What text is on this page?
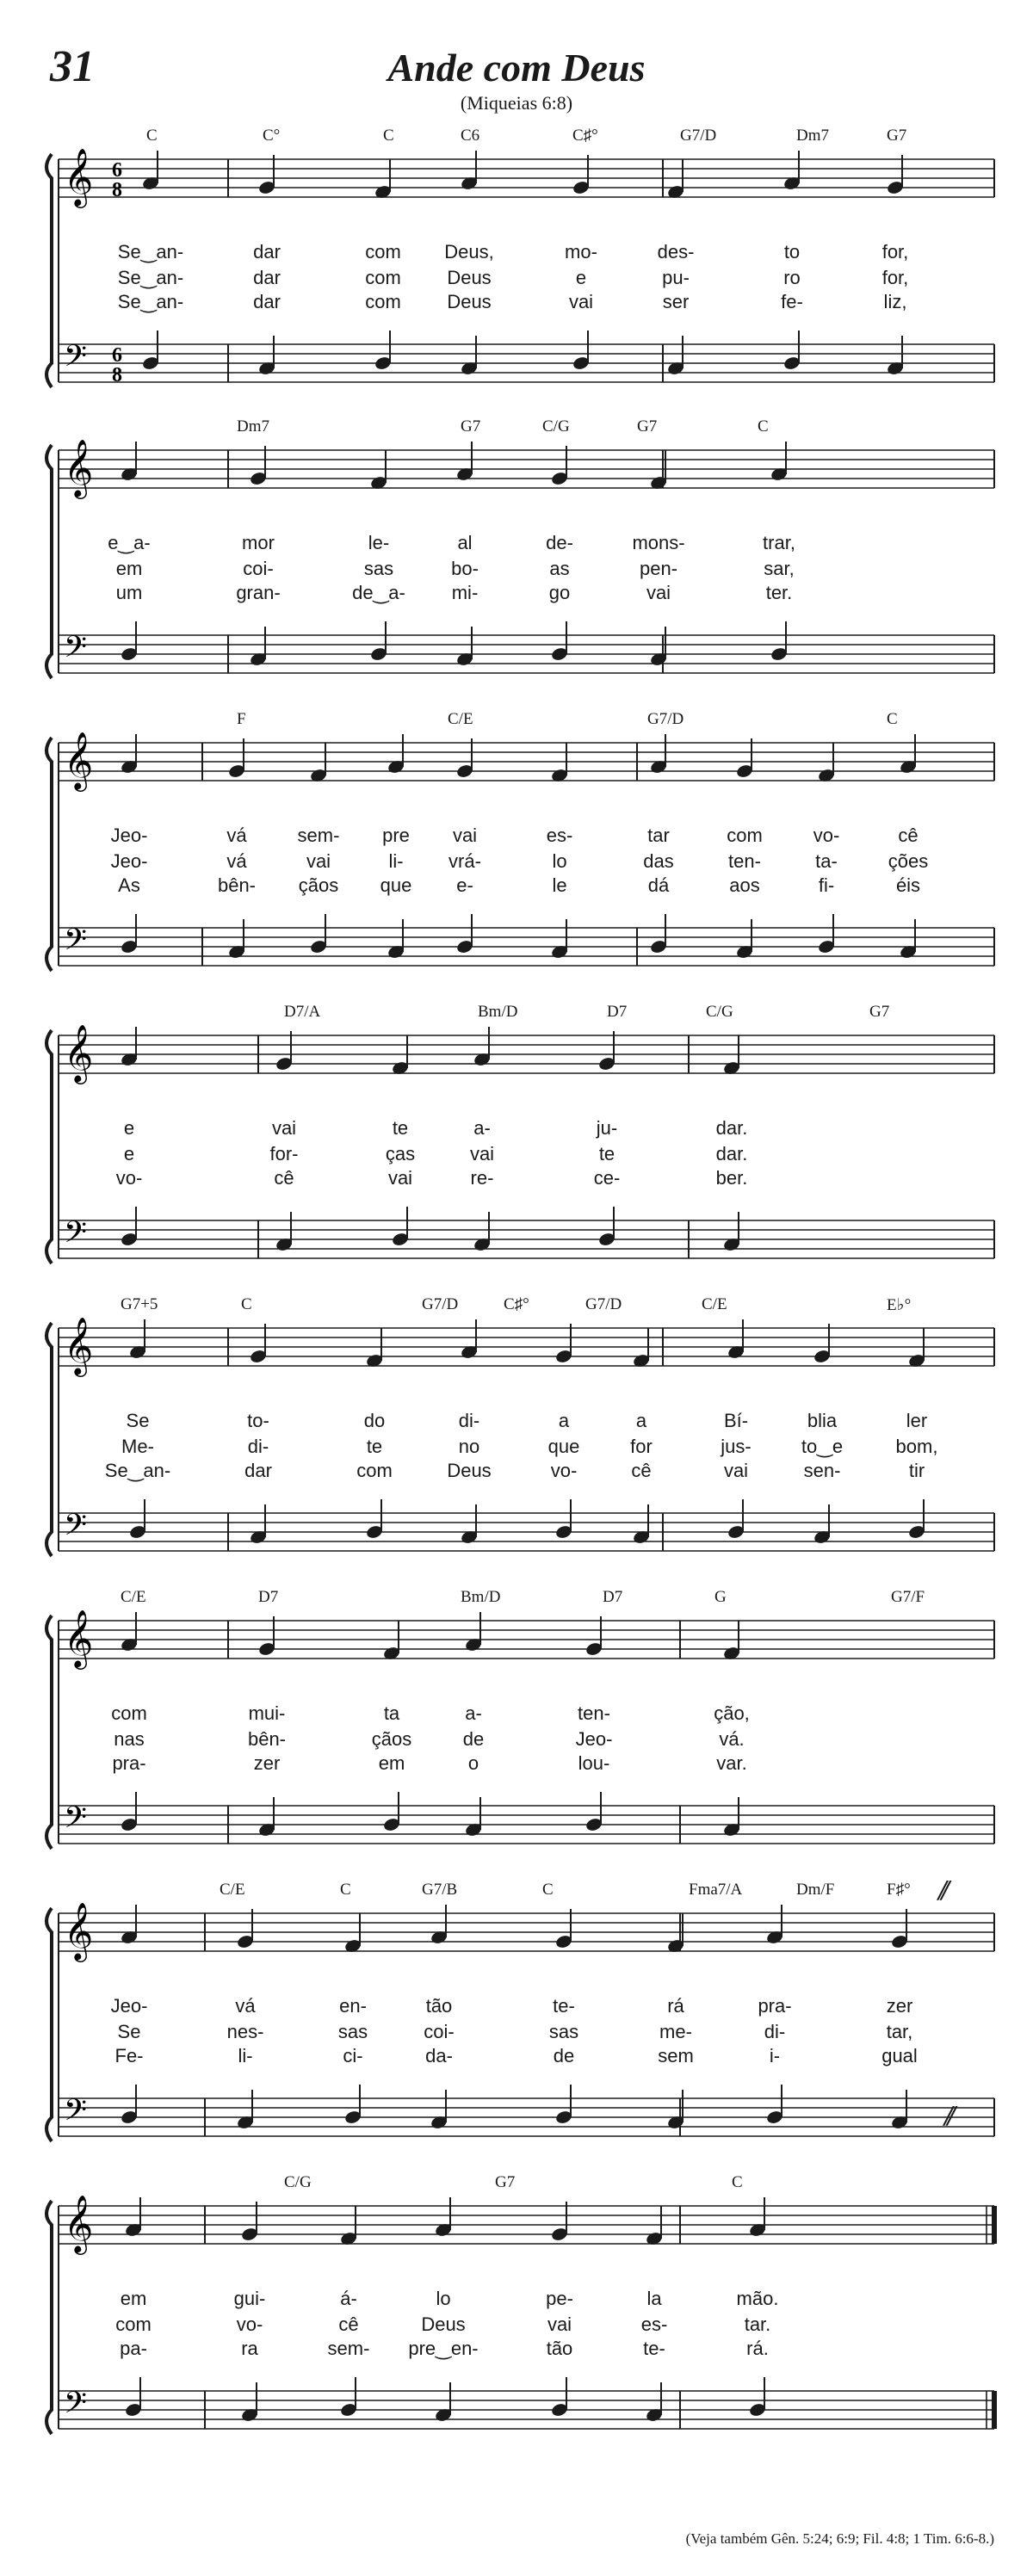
31	Ande com Deus
(Miqueias 6:8)
𝄞
𝄢
6
8
6
8
C	C°	C	C6	C♯°	G7/D	Dm7	G7
Se‿an-	dar	com Deus,	mo-	des-	to	for,
Se‿an-	dar	com Deus	e	pu-	ro	for,
Se‿an-	dar	com Deus	vai	ser	fe-	liz,
𝄞
𝄢
Dm7	G7	C/G	G7	C
e‿a-	mor	le-	al	de-	mons-	trar,
em	coi-	sas	bo-	as	pen-	sar,
um	gran-	de‿a- mi-	go	vai	ter.
𝄞
𝄢
F	C/E	G7/D	C
Jeo-	vá	sem- pre vai	es-	tar	com	vo-	cê
Jeo-	vá	vai	li- vrá-	lo	das	ten-	ta-	ções
As	bên- çãos que e-	le	dá	aos	fi-	éis
𝄞
𝄢
D7/A	Bm/D	D7	C/G	G7
e	vai	te	a-	ju-	dar.
e	for-	ças	vai	te	dar.
vo-	cê	vai	re-	ce-	ber.
𝄞
𝄢
G7+5	C	G7/D	C♯°	G7/D	C/E	E♭°
Se	to-	do	di-	a	a	Bí-	blia	ler
Me-	di-	te	no	que	for	jus-	to‿e	bom,
Se‿an-	dar	com	Deus	vo-	cê	vai	sen-	tir
𝄞
𝄢
C/E	D7	Bm/D	D7	G	G7/F
com	mui-	ta	a-	ten-	ção,
nas	bên-	çãos	de	Jeo-	vá.
pra-	zer	em	o	lou-	var.
𝄞
𝄢
C/E	C	G7/B	C	Fma7/A	Dm/F	F♯°
Jeo-	vá	en-	tão	te-	rá	pra-	zer
Se	nes-	sas	coi-	sas	me-	di-	tar,
Fe-	li-	ci-	da-	de	sem	i-	gual
𝄞
𝄢
C/G	G7	C
em	gui-	á-	lo	pe-	la	mão.
com	vo-	cê	Deus	vai	es-	tar.
pa-	ra	sem- pre‿en-	tão	te-	rá.
//
//
(Veja também Gên. 5:24; 6:9; Fil. 4:8; 1 Tim. 6:6-8.)
